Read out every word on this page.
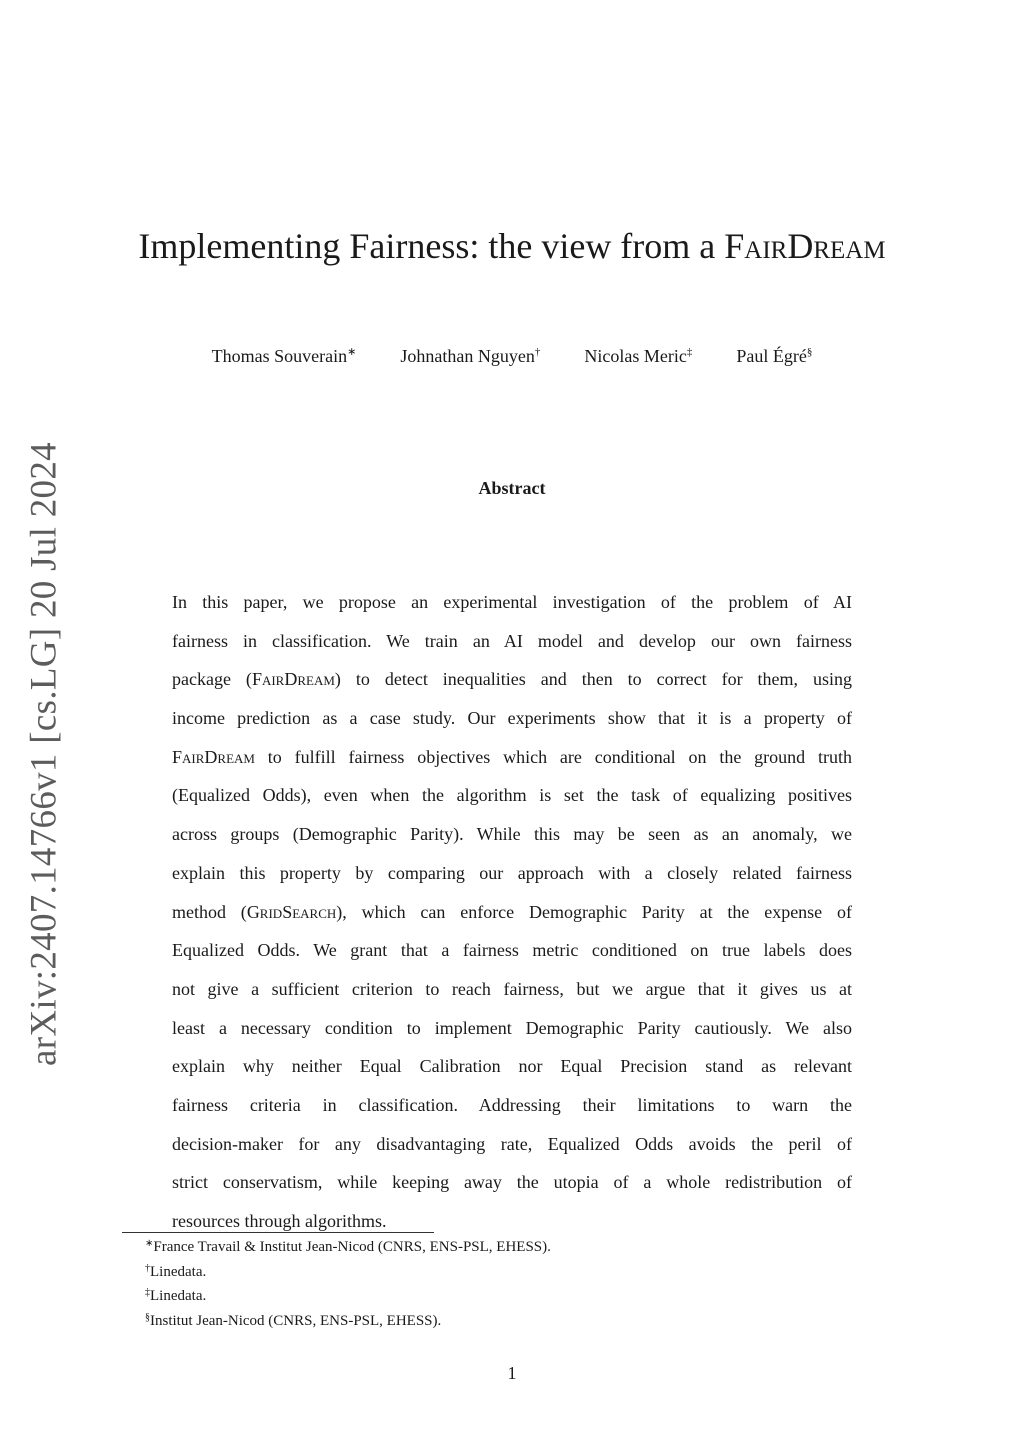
arXiv:2407.14766v1 [cs.LG] 20 Jul 2024
Implementing Fairness: the view from a FairDream
Thomas Souverain∗ Johnathan Nguyen† Nicolas Meric‡ Paul Égré§
Abstract
In this paper, we propose an experimental investigation of the problem of AI
fairness in classification. We train an AI model and develop our own fairness
package (FairDream) to detect inequalities and then to correct for them, using
income prediction as a case study. Our experiments show that it is a property of
FairDream to fulfill fairness objectives which are conditional on the ground truth
(Equalized Odds), even when the algorithm is set the task of equalizing positives
across groups (Demographic Parity). While this may be seen as an anomaly, we
explain this property by comparing our approach with a closely related fairness
method (GridSearch), which can enforce Demographic Parity at the expense of
Equalized Odds. We grant that a fairness metric conditioned on true labels does
not give a sufficient criterion to reach fairness, but we argue that it gives us at
least a necessary condition to implement Demographic Parity cautiously. We also
explain why neither Equal Calibration nor Equal Precision stand as relevant
fairness criteria in classification. Addressing their limitations to warn the
decision-maker for any disadvantaging rate, Equalized Odds avoids the peril of
strict conservatism, while keeping away the utopia of a whole redistribution of
resources through algorithms.
∗France Travail & Institut Jean-Nicod (CNRS, ENS-PSL, EHESS).
†Linedata.
‡Linedata.
§Institut Jean-Nicod (CNRS, ENS-PSL, EHESS).
1
